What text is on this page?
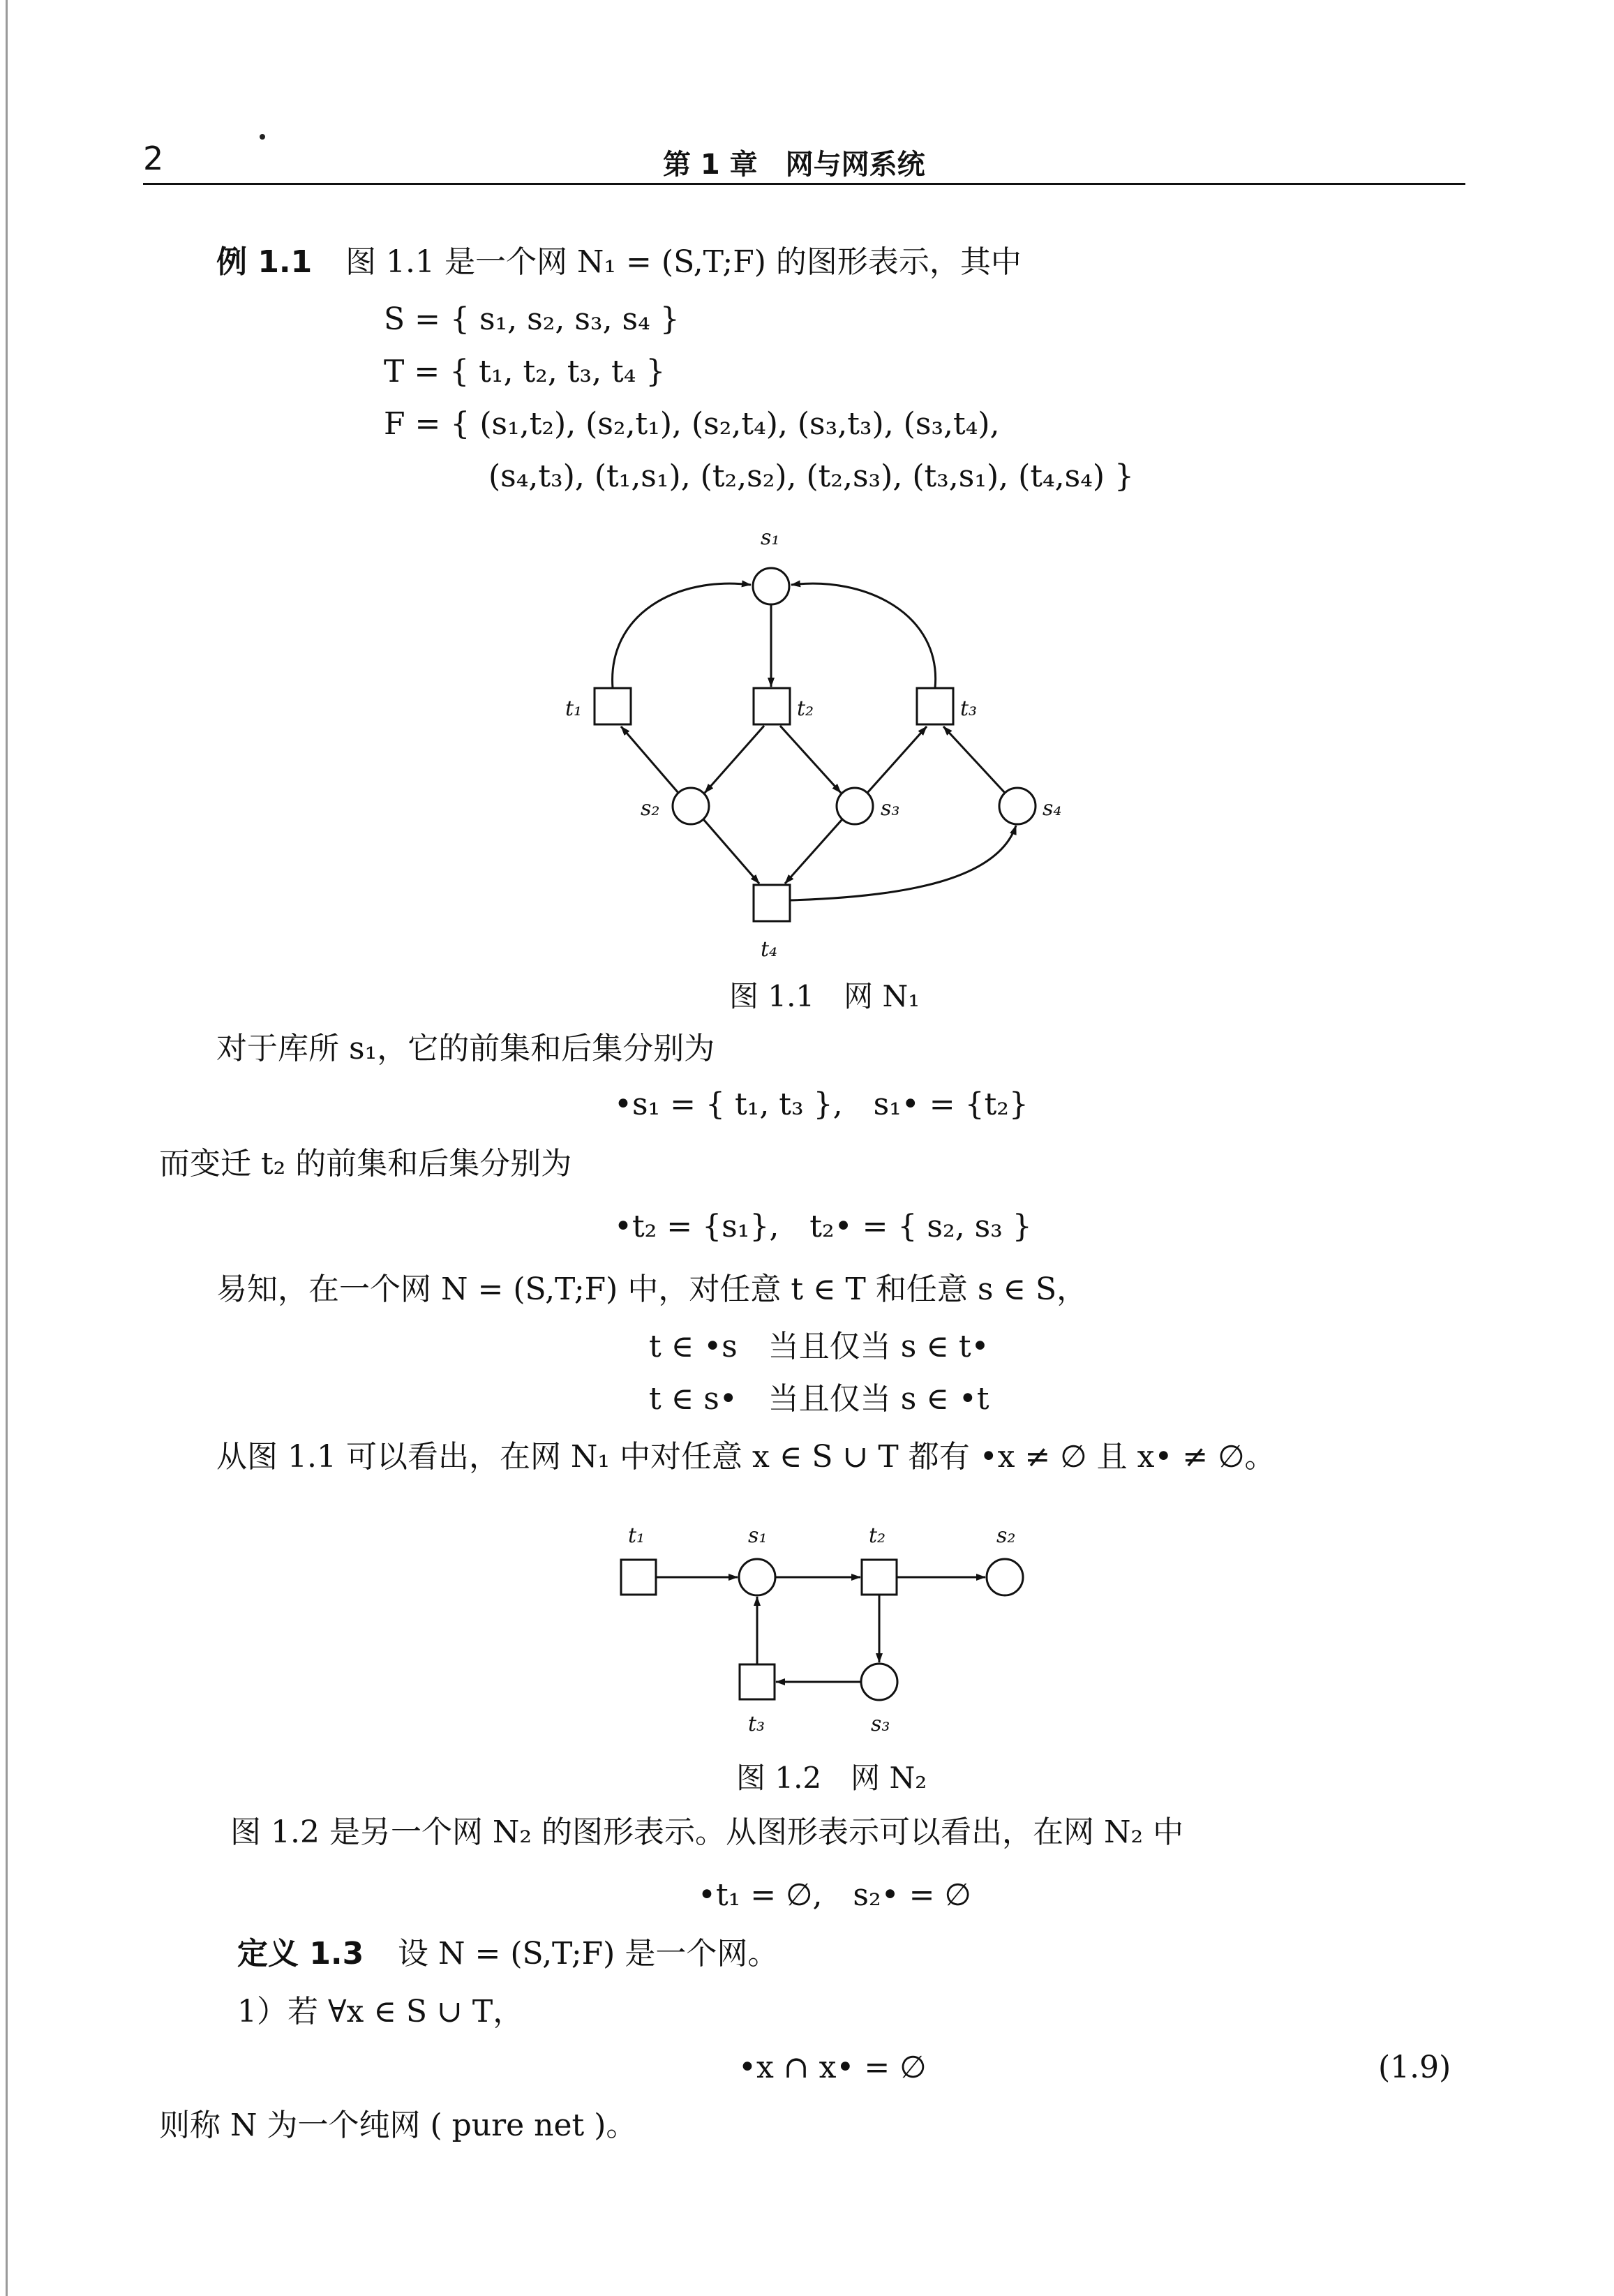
2	第 1 章　网与网系统
例 1.1 图 1.1 是一个网 N₁ = (S,T;F) 的图形表示，其中
S = { s₁, s₂, s₃, s₄ }
T = { t₁, t₂, t₃, t₄ }
F = { (s₁,t₂), (s₂,t₁), (s₂,t₄), (s₃,t₃), (s₃,t₄),
(s₄,t₃), (t₁,s₁), (t₂,s₂), (t₂,s₃), (t₃,s₁), (t₄,s₄) }
s₁
t₁	t₂	t₃
s₂	s₃	s₄
t₄
图 1.1　网 N₁
对于库所 s₁，它的前集和后集分别为
•s₁ = { t₁, t₃ },　s₁• = {t₂}
而变迁 t₂ 的前集和后集分别为
•t₂ = {s₁},　t₂• = { s₂, s₃ }
易知，在一个网 N = (S,T;F) 中，对任意 t ∈ T 和任意 s ∈ S，
t ∈ •s　当且仅当 s ∈ t•
t ∈ s•　当且仅当 s ∈ •t
从图 1.1 可以看出，在网 N₁ 中对任意 x ∈ S ∪ T 都有 •x ≠ ∅ 且 x• ≠ ∅。
t₁	s₁	t₂	s₂
t₃	s₃
图 1.2　网 N₂
图 1.2 是另一个网 N₂ 的图形表示。从图形表示可以看出，在网 N₂ 中
•t₁ = ∅,　s₂• = ∅
定义 1.3 设 N = (S,T;F) 是一个网。
1）若 ∀x ∈ S ∪ T，
•x ∩ x• = ∅	(1.9)
则称 N 为一个纯网 ( pure net )。
